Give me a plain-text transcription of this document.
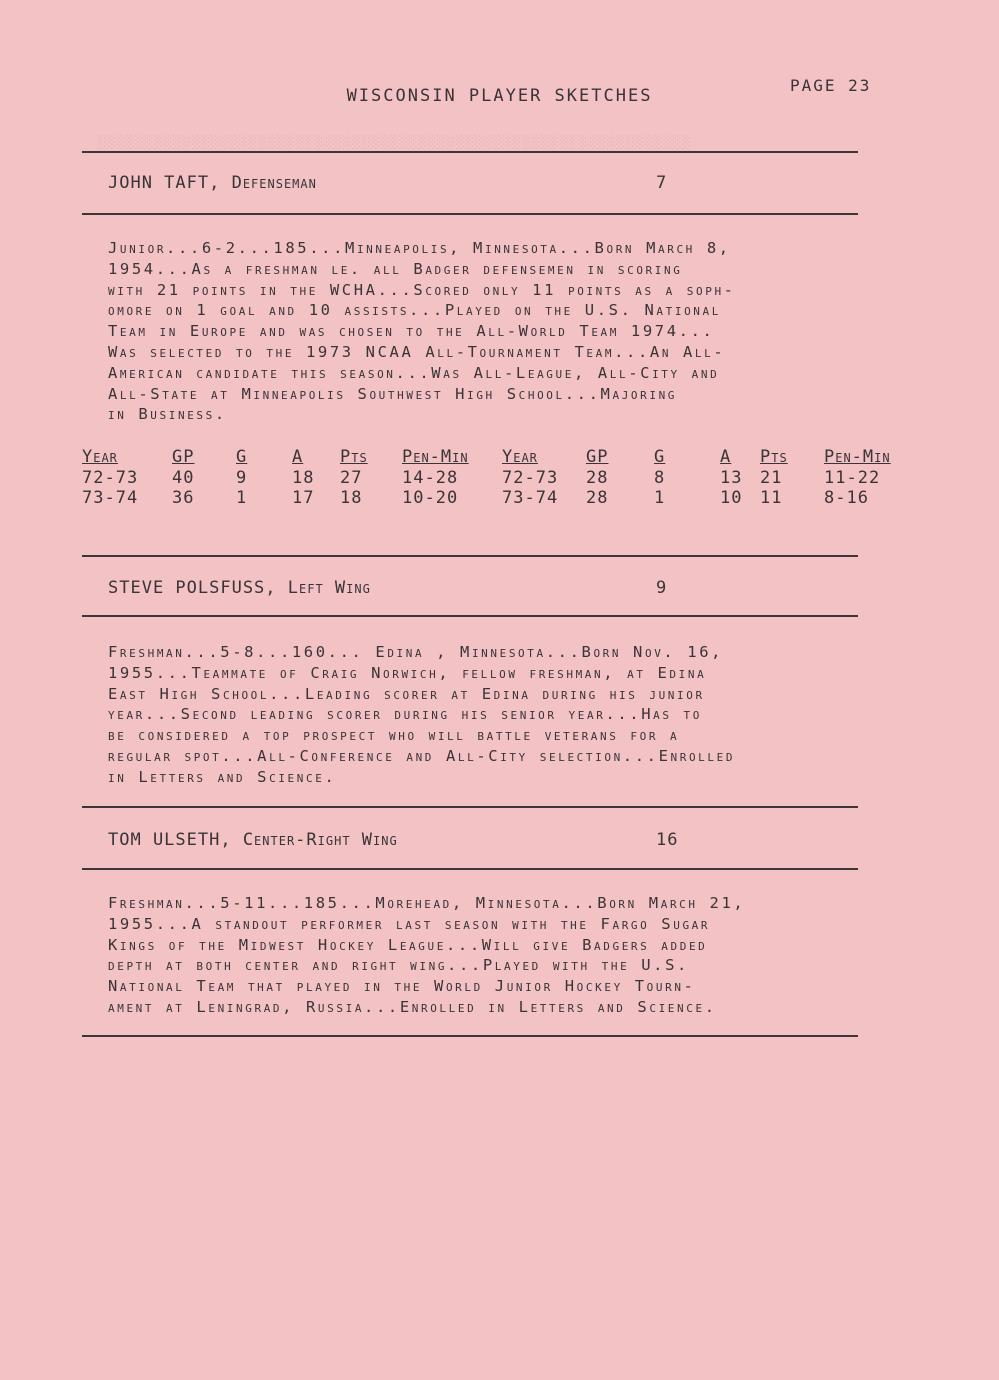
░░░░░░░░░░░░░░░░░░░░░░░░░░░░░░░░░░░░░░░░░░░░░░░░░░░░░░░░░░░░░░░

WISCONSIN PLAYER SKETCHES
PAGE 23
JOHN TAFT, Defenseman	7
Junior...6-2...185...Minneapolis, Minnesota...Born March 8,
1954...As a freshman le. all Badger defensemen in scoring
with 21 points in the WCHA...Scored only 11 points as a soph-
omore on 1 goal and 10 assists...Played on the U.S. National
Team in Europe and was chosen to the All-World Team 1974...
Was selected to the 1973 NCAA All-Tournament Team...An All-
American candidate this season...Was All-League, All-City and
All-State at Minneapolis Southwest High School...Majoring
in Business.
Year	GP	G	A	Pts	Pen-Min	Year	GP	G	A	Pts	Pen-Min
72-73	40	9	18	27	14-28	72-73	28	8	13	21	11-22
73-74	36	1	17	18	10-20	73-74	28	1	10	11	8-16
STEVE POLSFUSS, Left Wing	9
Freshman...5-8...160... Edina , Minnesota...Born Nov. 16,
1955...Teammate of Craig Norwich, fellow freshman, at Edina
East High School...Leading scorer at Edina during his junior
year...Second leading scorer during his senior year...Has to
be considered a top prospect who will battle veterans for a
regular spot...All-Conference and All-City selection...Enrolled
in Letters and Science.
TOM ULSETH, Center-Right Wing	16
Freshman...5-11...185...Morehead, Minnesota...Born March 21,
1955...A standout performer last season with the Fargo Sugar
Kings of the Midwest Hockey League...Will give Badgers added
depth at both center and right wing...Played with the U.S.
National Team that played in the World Junior Hockey Tourn-
ament at Leningrad, Russia...Enrolled in Letters and Science.
